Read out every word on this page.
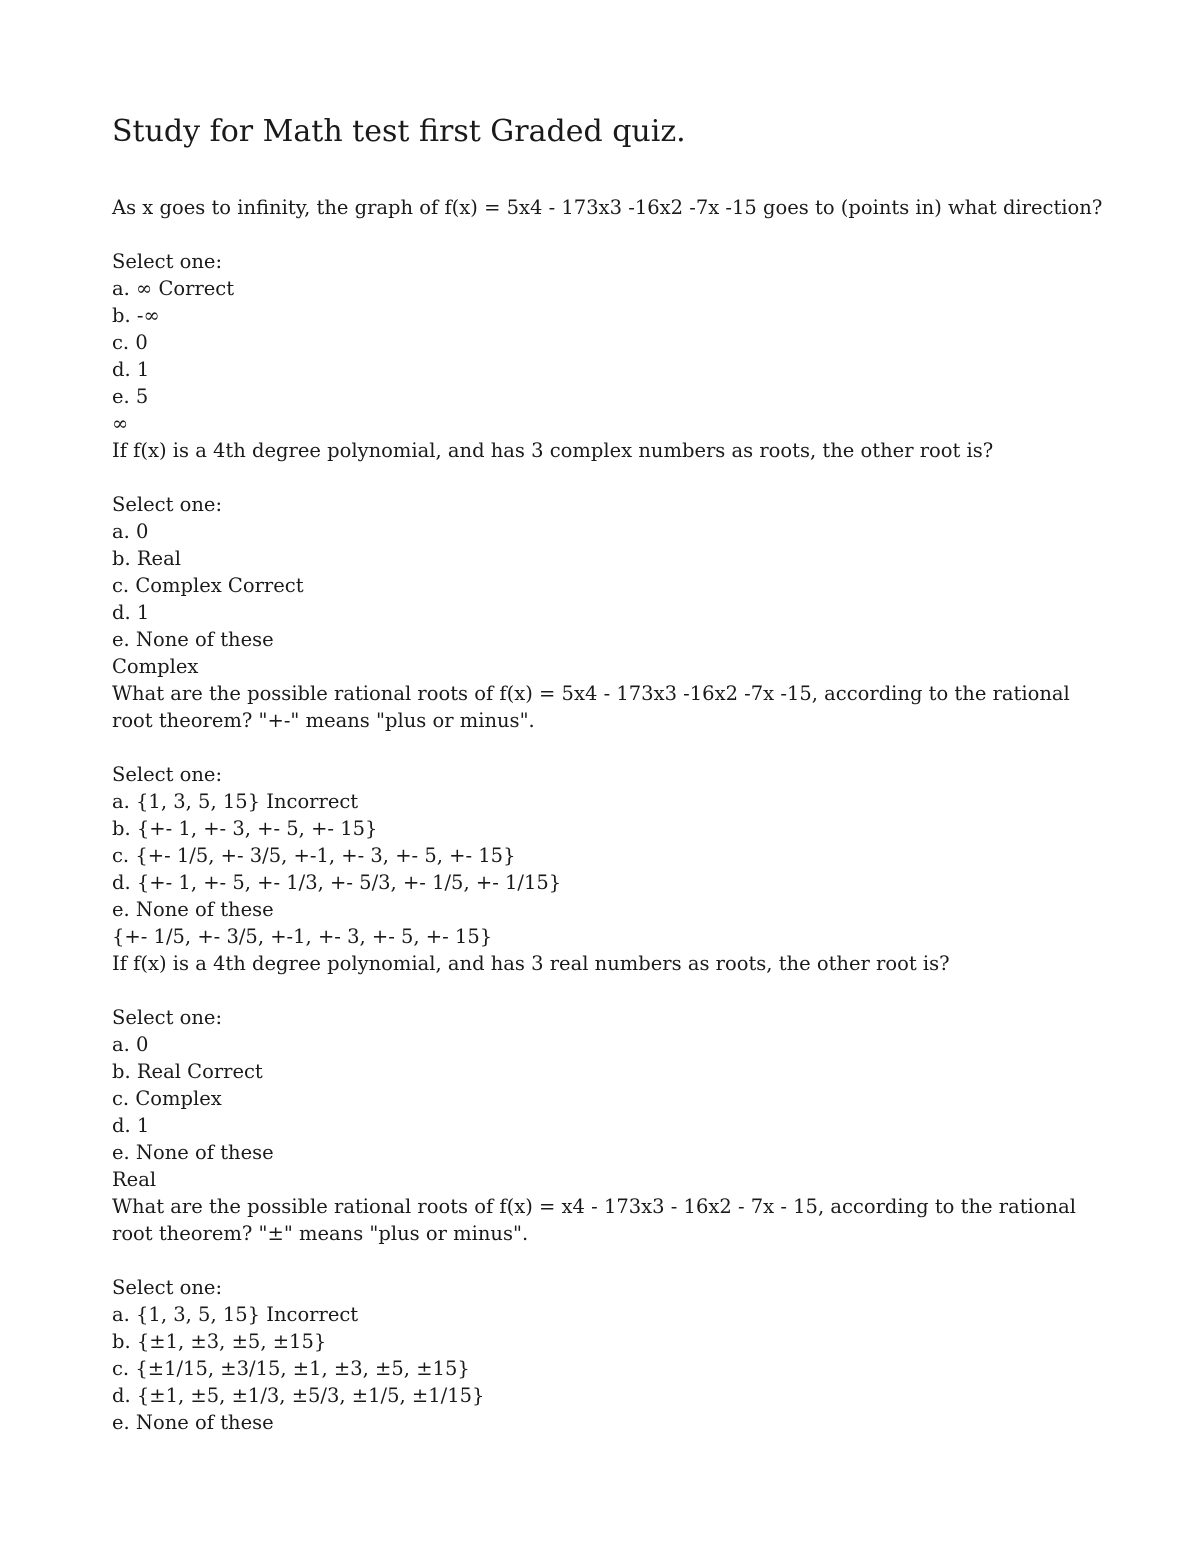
Study for Math test first Graded quiz.
As x goes to infinity, the graph of f(x) = 5x4 - 173x3 -16x2 -7x -15 goes to (points in) what direction?
Select one:
a. ∞ Correct
b. -∞
c. 0
d. 1
e. 5
∞
If f(x) is a 4th degree polynomial, and has 3 complex numbers as roots, the other root is?
Select one:
a. 0
b. Real
c. Complex Correct
d. 1
e. None of these
Complex
What are the possible rational roots of f(x) = 5x4 - 173x3 -16x2 -7x -15, according to the rational root theorem? "+-" means "plus or minus".
Select one:
a. {1, 3, 5, 15} Incorrect
b. {+- 1, +- 3, +- 5, +- 15}
c. {+- 1/5, +- 3/5, +-1, +- 3, +- 5, +- 15}
d. {+- 1, +- 5, +- 1/3, +- 5/3, +- 1/5, +- 1/15}
e. None of these
{+- 1/5, +- 3/5, +-1, +- 3, +- 5, +- 15}
If f(x) is a 4th degree polynomial, and has 3 real numbers as roots, the other root is?
Select one:
a. 0
b. Real Correct
c. Complex
d. 1
e. None of these
Real
What are the possible rational roots of f(x) = x4 - 173x3 - 16x2 - 7x - 15, according to the rational root theorem? "±" means "plus or minus".
Select one:
a. {1, 3, 5, 15} Incorrect
b. {±1, ±3, ±5, ±15}
c. {±1/15, ±3/15, ±1, ±3, ±5, ±15}
d. {±1, ±5, ±1/3, ±5/3, ±1/5, ±1/15}
e. None of these
